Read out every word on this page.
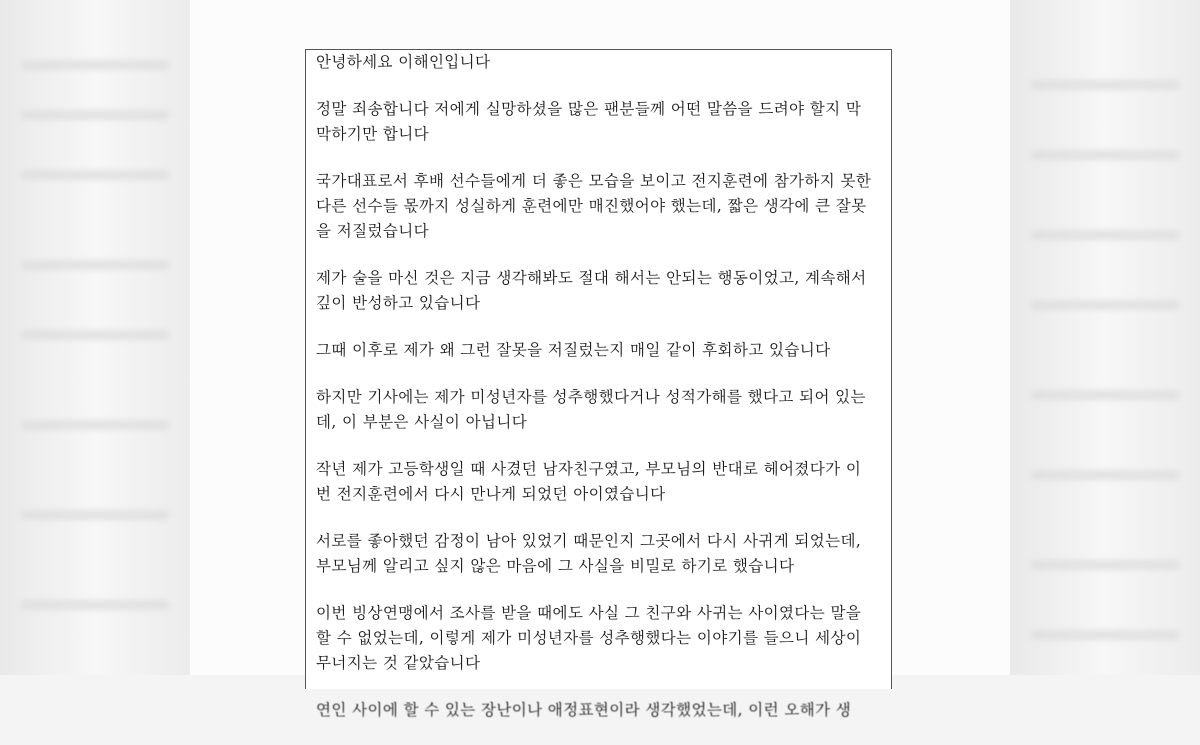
안녕하세요 이해인입니다

정말 죄송합니다 저에게 실망하셨을 많은 팬분들께 어떤 말씀을 드려야 할지 막
막하기만 합니다

국가대표로서 후배 선수들에게 더 좋은 모습을 보이고 전지훈련에 참가하지 못한
다른 선수들 몫까지 성실하게 훈련에만 매진했어야 했는데, 짧은 생각에 큰 잘못
을 저질렀습니다

제가 술을 마신 것은 지금 생각해봐도 절대 해서는 안되는 행동이었고, 계속해서
깊이 반성하고 있습니다

그때 이후로 제가 왜 그런 잘못을 저질렀는지 매일 같이 후회하고 있습니다

하지만 기사에는 제가 미성년자를 성추행했다거나 성적가해를 했다고 되어 있는
데, 이 부분은 사실이 아닙니다

작년 제가 고등학생일 때 사겼던 남자친구였고, 부모님의 반대로 헤어졌다가 이
번 전지훈련에서 다시 만나게 되었던 아이였습니다

서로를 좋아했던 감정이 남아 있었기 때문인지 그곳에서 다시 사귀게 되었는데,
부모님께 알리고 싶지 않은 마음에 그 사실을 비밀로 하기로 했습니다

이번 빙상연맹에서 조사를 받을 때에도 사실 그 친구와 사귀는 사이였다는 말을
할 수 없었는데, 이렇게 제가 미성년자를 성추행했다는 이야기를 들으니 세상이
무너지는 것 같았습니다

연인 사이에 할 수 있는 장난이나 애정표현이라 생각했었는데, 이런 오해가 생
